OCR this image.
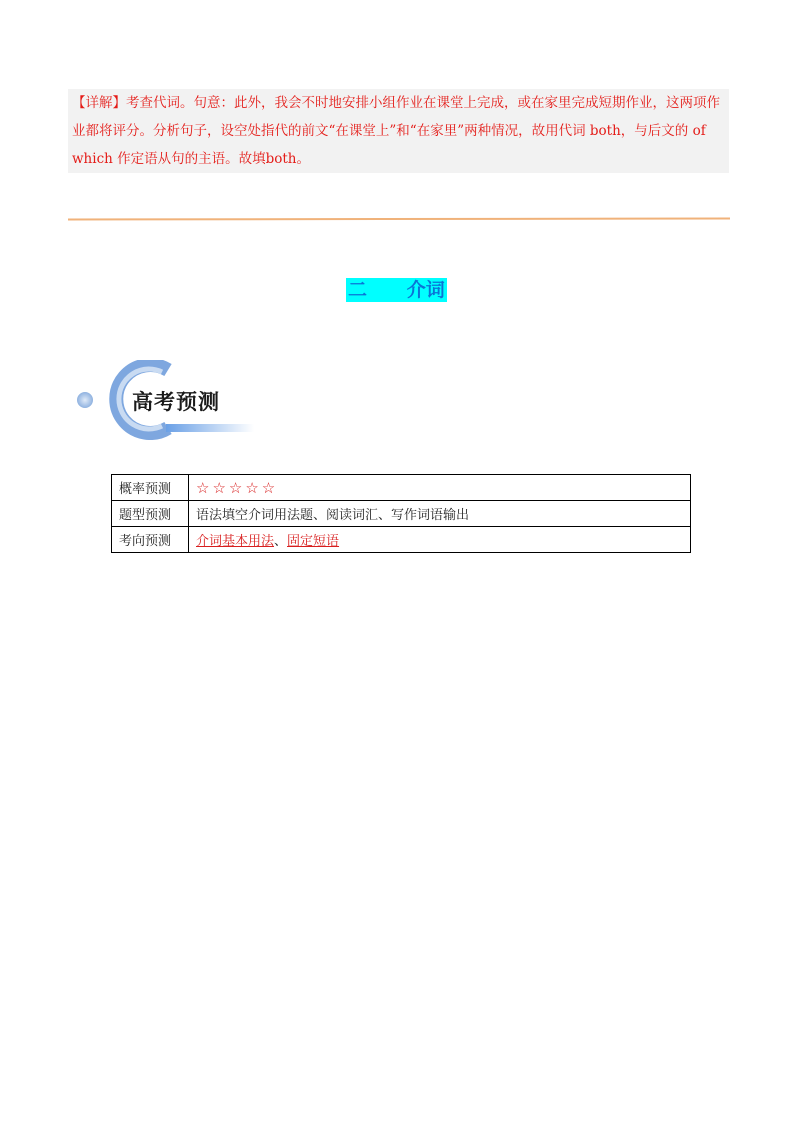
【详解】考查代词。句意：此外，我会不时地安排小组作业在课堂上完成，或在家里完成短期作业，这两项作业都将评分。分析句子，设空处指代的前文“在课堂上”和“在家里”两种情况，故用代词 both，与后文的 of which 作定语从句的主语。故填both。
二      介词
高考预测
概率预测	☆☆☆☆☆
题型预测	语法填空介词用法题、阅读词汇、写作词语输出
考向预测	介词基本用法、固定短语
